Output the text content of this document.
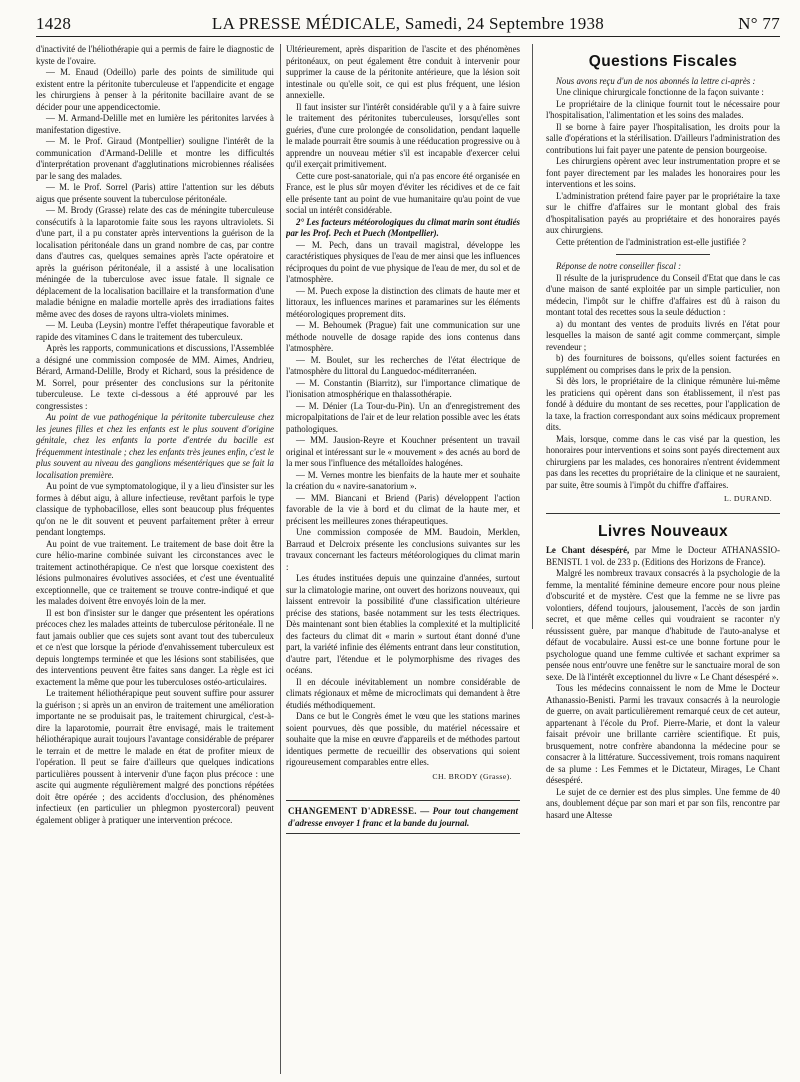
1428	LA PRESSE MÉDICALE, Samedi, 24 Septembre 1938	N° 77

d'inactivité de l'héliothérapie qui a permis de faire le diagnostic de kyste de l'ovaire.

— M. Enaud (Odeillo) parle des points de similitude qui existent entre la péritonite tuberculeuse et l'appendicite et engage les chirurgiens à penser à la péritonite bacillaire avant de se décider pour une appendicectomie.

— M. Armand-Delille met en lumière les péritonites larvées à manifestation digestive.

— M. le Prof. Giraud (Montpellier) souligne l'intérêt de la communication d'Armand-Delille et montre les difficultés d'interprétation provenant d'agglutinations microbiennes réalisées par le sang des malades.

— M. le Prof. Sorrel (Paris) attire l'attention sur les débuts aigus que présente souvent la tuberculose péritonéale.

— M. Brody (Grasse) relate des cas de méningite tuberculeuse consécutifs à la laparotomie faite sous les rayons ultraviolets. Si d'une part, il a pu constater après interventions la guérison de la localisation péritonéale dans un grand nombre de cas, par contre dans d'autres cas, quelques semaines après l'acte opératoire et après la guérison péritonéale, il a assisté à une localisation méningée de la tuberculose avec issue fatale. Il signale ce déplacement de la localisation bacillaire et la transformation d'une maladie bénigne en maladie mortelle après des irradiations faites même avec des doses de rayons ultra-violets minimes.

— M. Leuba (Leysin) montre l'effet thérapeutique favorable et rapide des vitamines C dans le traitement des tuberculeux.

Après les rapports, communications et discussions, l'Assemblée a désigné une commission composée de MM. Aimes, Andrieu, Bérard, Armand-Delille, Brody et Richard, sous la présidence de M. Sorrel, pour présenter des conclusions sur la péritonite tuberculeuse. Le texte ci-dessous a été approuvé par les congressistes :

Au point de vue pathogénique la péritonite tuberculeuse chez les jeunes filles et chez les enfants est le plus souvent d'origine génitale, chez les enfants la porte d'entrée du bacille est fréquemment intestinale ; chez les enfants très jeunes enfin, c'est le plus souvent au niveau des ganglions mésentériques que se fait la localisation première.

Au point de vue symptomatologique, il y a lieu d'insister sur les formes à début aigu, à allure infectieuse, revêtant parfois le type classique de typhobacillose, elles sont beaucoup plus fréquentes qu'on ne le dit souvent et peuvent parfaitement prêter à erreur pendant longtemps.

Au point de vue traitement. Le traitement de base doit être la cure hélio-marine combinée suivant les circonstances avec le traitement actinothérapique. Ce n'est que lorsque coexistent des lésions pulmonaires évolutives associées, et c'est une éventualité exceptionnelle, que ce traitement se trouve contre-indiqué et que les malades doivent être envoyés loin de la mer.

Il est bon d'insister sur le danger que présentent les opérations précoces chez les malades atteints de tuberculose péritonéale. Il ne faut jamais oublier que ces sujets sont avant tout des tuberculeux et ce n'est que lorsque la période d'envahissement tuberculeux est depuis longtemps terminée et que les lésions sont stabilisées, que des interventions peuvent être faites sans danger. La règle est ici exactement la même que pour les tuberculoses ostéo-articulaires.

Le traitement héliothérapique peut souvent suffire pour assurer la guérison ; si après un an environ de traitement une amélioration importante ne se produisait pas, le traitement chirurgical, c'est-à-dire la laparotomie, pourrait être envisagé, mais le traitement héliothérapique aurait toujours l'avantage considérable de préparer le terrain et de mettre le malade en état de profiter mieux de l'opération. Il peut se faire d'ailleurs que quelques indications particulières poussent à intervenir d'une façon plus précoce : une ascite qui augmente régulièrement malgré des ponctions répétées doit être opérée ; des accidents d'occlusion, des phénomènes infectieux (en particulier un phlegmon pyostercoral) peuvent également obliger à pratiquer une intervention précoce.

Ultérieurement, après disparition de l'ascite et des phénomènes péritonéaux, on peut également être conduit à intervenir pour supprimer la cause de la péritonite antérieure, que la lésion soit intestinale ou qu'elle soit, ce qui est plus fréquent, une lésion annexielle.

Il faut insister sur l'intérêt considérable qu'il y a à faire suivre le traitement des péritonites tuberculeuses, lorsqu'elles sont guéries, d'une cure prolongée de consolidation, pendant laquelle le malade pourrait être soumis à une rééducation progressive ou à apprendre un nouveau métier s'il est incapable d'exercer celui qu'il exerçait primitivement.

Cette cure post-sanatoriale, qui n'a pas encore été organisée en France, est le plus sûr moyen d'éviter les récidives et de ce fait elle présente tant au point de vue humanitaire qu'au point de vue social un intérêt considérable.

2° Les facteurs météorologiques du climat marin sont étudiés par les Prof. Pech et Puech (Montpellier).

— M. Pech, dans un travail magistral, développe les caractéristiques physiques de l'eau de mer ainsi que les influences réciproques du point de vue physique de l'eau de mer, du sol et de l'atmosphère.

— M. Puech expose la distinction des climats de haute mer et littoraux, les influences marines et paramarines sur les éléments météorologiques proprement dits.

— M. Behoumek (Prague) fait une communication sur une méthode nouvelle de dosage rapide des ions contenus dans l'atmosphère.

— M. Boulet, sur les recherches de l'état électrique de l'atmosphère du littoral du Languedoc-méditerranéen.

— M. Constantin (Biarritz), sur l'importance climatique de l'ionisation atmosphérique en thalassothérapie.

— M. Dénier (La Tour-du-Pin). Un an d'enregistrement des micropalpitations de l'air et de leur relation possible avec les états pathologiques.

— MM. Jausion-Reyre et Kouchner présentent un travail original et intéressant sur le « mouvement » des acnés au bord de la mer sous l'influence des métalloïdes halogénes.

— M. Vernes montre les bienfaits de la haute mer et souhaite la création du « navire-sanatorium ».

— MM. Biancani et Briend (Paris) développent l'action favorable de la vie à bord et du climat de la haute mer, et précisent les meilleures zones thérapeutiques.

Une commission composée de MM. Baudoin, Merklen, Barraud et Delcroix présente les conclusions suivantes sur les travaux concernant les facteurs météorologiques du climat marin :

Les études instituées depuis une quinzaine d'années, surtout sur la climatologie marine, ont ouvert des horizons nouveaux, qui laissent entrevoir la possibilité d'une classification ultérieure précise des stations, basée notamment sur les tests électriques. Dès maintenant sont bien établies la complexité et la multiplicité des facteurs du climat dit « marin » surtout étant donné d'une part, la variété infinie des éléments entrant dans leur constitution, d'autre part, l'étendue et le polymorphisme des rivages des océans.

Il en découle inévitablement un nombre considérable de climats régionaux et même de microclimats qui demandent à être étudiés méthodiquement.

Dans ce but le Congrès émet le vœu que les stations marines soient pourvues, dès que possible, du matériel nécessaire et souhaite que la mise en œuvre d'appareils et de méthodes partout identiques permette de recueillir des observations qui soient rigoureusement comparables entre elles.

CH. BRODY (Grasse).

CHANGEMENT D'ADRESSE. — Pour tout changement d'adresse envoyer 1 franc et la bande du journal.
Questions Fiscales

Nous avons reçu d'un de nos abonnés la lettre ci-après :

Une clinique chirurgicale fonctionne de la façon suivante :

Le propriétaire de la clinique fournit tout le nécessaire pour l'hospitalisation, l'alimentation et les soins des malades.

Il se borne à faire payer l'hospitalisation, les droits pour la salle d'opérations et la stérilisation. D'ailleurs l'administration des contributions lui fait payer une patente de pension bourgeoise.

Les chirurgiens opèrent avec leur instrumentation propre et se font payer directement par les malades les honoraires pour les interventions et les soins.

L'administration prétend faire payer par le propriétaire la taxe sur le chiffre d'affaires sur le montant global des frais d'hospitalisation payés au propriétaire et des honoraires payés aux chirurgiens.

Cette prétention de l'administration est-elle justifiée ?

Réponse de notre conseiller fiscal :

Il résulte de la jurisprudence du Conseil d'Etat que dans le cas d'une maison de santé exploitée par un simple particulier, non médecin, l'impôt sur le chiffre d'affaires est dû à raison du montant total des recettes sous la seule déduction :

a) du montant des ventes de produits livrés en l'état pour lesquelles la maison de santé agit comme commerçant, simple revendeur ;

b) des fournitures de boissons, qu'elles soient facturées en supplément ou comprises dans le prix de la pension.

Si dès lors, le propriétaire de la clinique rémunère lui-même les praticiens qui opèrent dans son établissement, il n'est pas fondé à déduire du montant de ses recettes, pour l'application de la taxe, la fraction correspondant aux soins médicaux proprement dits.

Mais, lorsque, comme dans le cas visé par la question, les honoraires pour interventions et soins sont payés directement aux chirurgiens par les malades, ces honoraires n'entrent évidemment pas dans les recettes du propriétaire de la clinique et ne sauraient, par suite, être soumis à l'impôt du chiffre d'affaires.

L. DURAND.

Livres Nouveaux

Le Chant désespéré, par Mme le Docteur ATHANASSIO-BENISTI. 1 vol. de 233 p. (Editions des Horizons de France).

Malgré les nombreux travaux consacrés à la psychologie de la femme, la mentalité féminine demeure encore pour nous pleine d'obscurité et de mystère. C'est que la femme ne se livre pas volontiers, défend toujours, jalousement, l'accès de son jardin secret, et que même celles qui voudraient se raconter n'y réussissent guère, par manque d'habitude de l'auto-analyse et défaut de vocabulaire. Aussi est-ce une bonne fortune pour le psychologue quand une femme cultivée et sachant exprimer sa pensée nous entr'ouvre une fenêtre sur le sanctuaire moral de son sexe. De là l'intérêt exceptionnel du livre « Le Chant désespéré ».

Tous les médecins connaissent le nom de Mme le Docteur Athanassio-Benisti. Parmi les travaux consacrés à la neurologie de guerre, on avait particulièrement remarqué ceux de cet auteur, appartenant à l'école du Prof. Pierre-Marie, et dont la valeur faisait prévoir une brillante carrière scientifique. Et puis, brusquement, notre confrère abandonna la médecine pour se consacrer à la littérature. Successivement, trois romans naquirent de sa plume : Les Femmes et le Dictateur, Mirages, Le Chant désespéré.

Le sujet de ce dernier est des plus simples. Une femme de 40 ans, doublement déçue par son mari et par son fils, rencontre par hasard une Altesse
